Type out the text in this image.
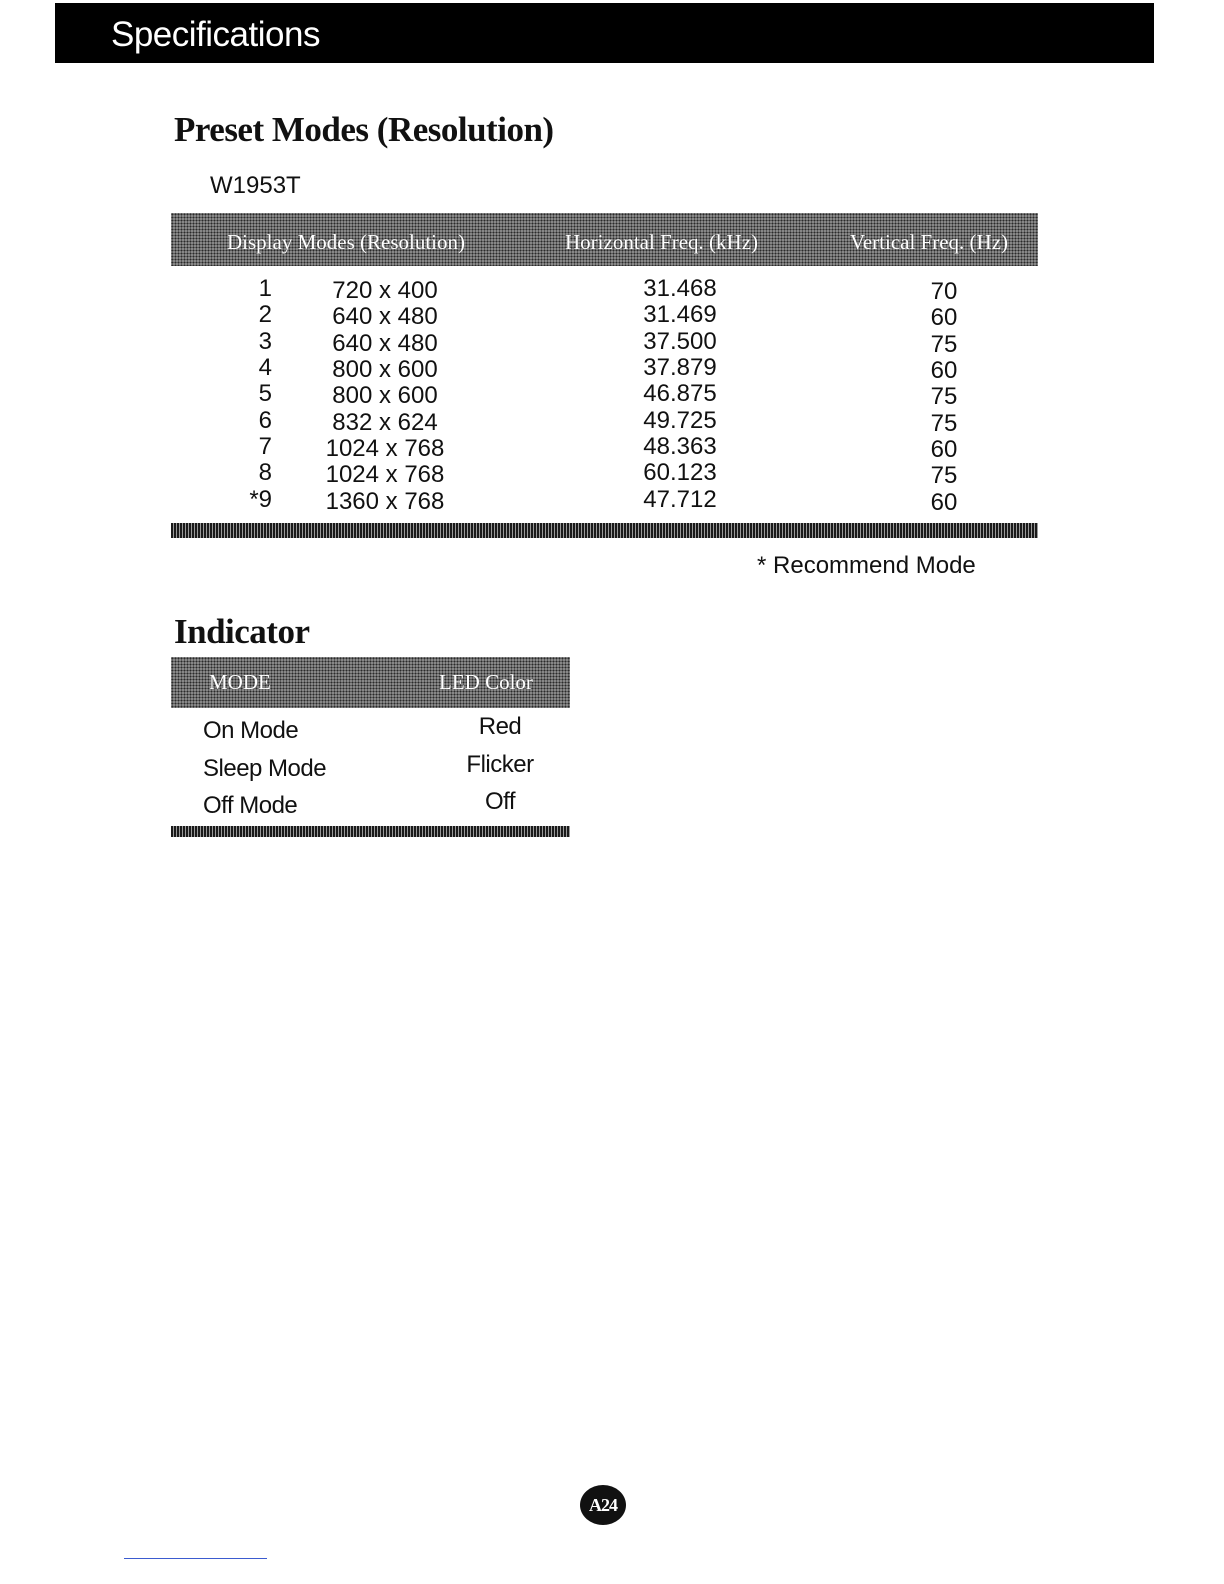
Specifications
Preset Modes (Resolution)
W1953T
Display Modes (Resolution)	Horizontal Freq. (kHz)	Vertical Freq. (Hz)
1	720 x 400	31.468	70
2	640 x 480	31.469	60
3	640 x 480	37.500	75
4	800 x 600	37.879	60
5	800 x 600	46.875	75
6	832 x 624	49.725	75
7 1024 x 768	48.363	60
8 1024 x 768	60.123	75
*9 1360 x 768	47.712	60
* Recommend Mode
Indicator
MODE	LED Color
On Mode	Red
Sleep Mode	Flicker
Off Mode	Off
A24
